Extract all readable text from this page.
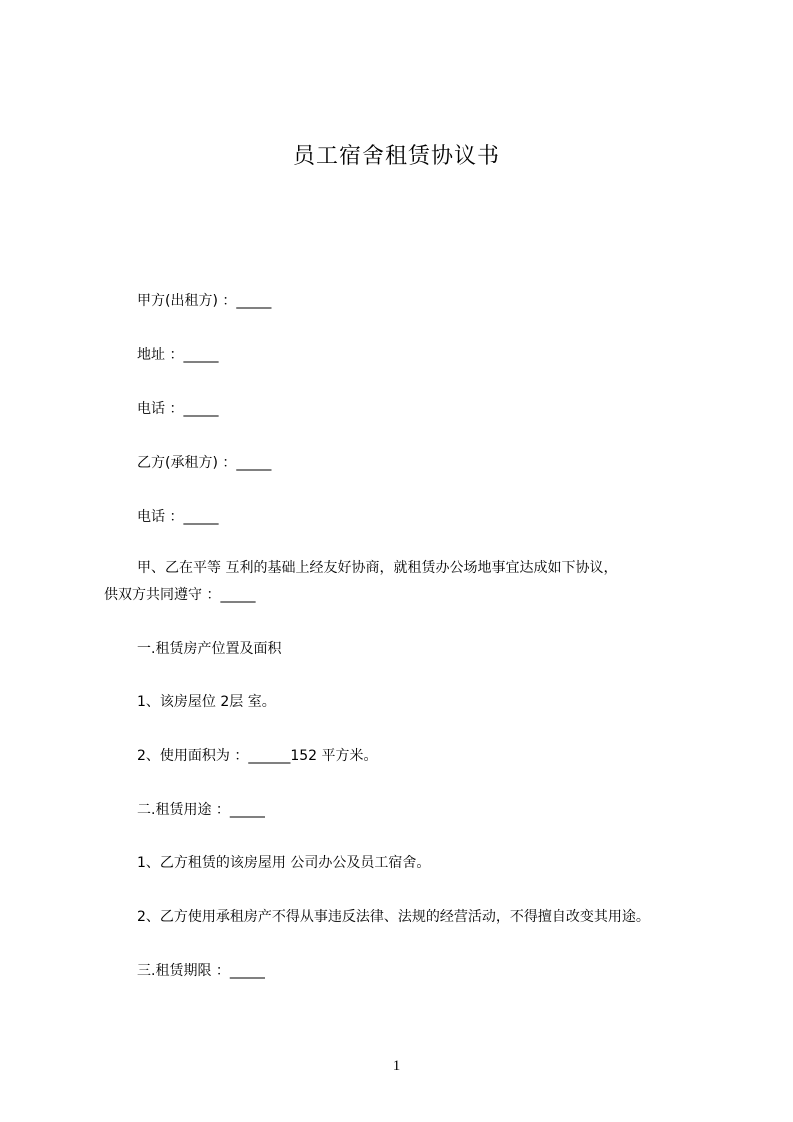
员工宿舍租赁协议书
甲方(出租方) ：_____
地址 ：_____
电话 ：_____
乙方(承租方) ：_____
电话 ：_____
甲、乙在平等 互利的基础上经友好协商，就租赁办公场地事宜达成如下协议，
供双方共同遵守 ：_____
一.租赁房产位置及面积
1、该房屋位 2层 室。
2、使用面积为 ：______152 平方米。
二.租赁用途 ：_____
1、乙方租赁的该房屋用 公司办公及员工宿舍。
2、乙方使用承租房产不得从事违反法律、法规的经营活动，不得擅自改变其用途。
三.租赁期限 ：_____
1
